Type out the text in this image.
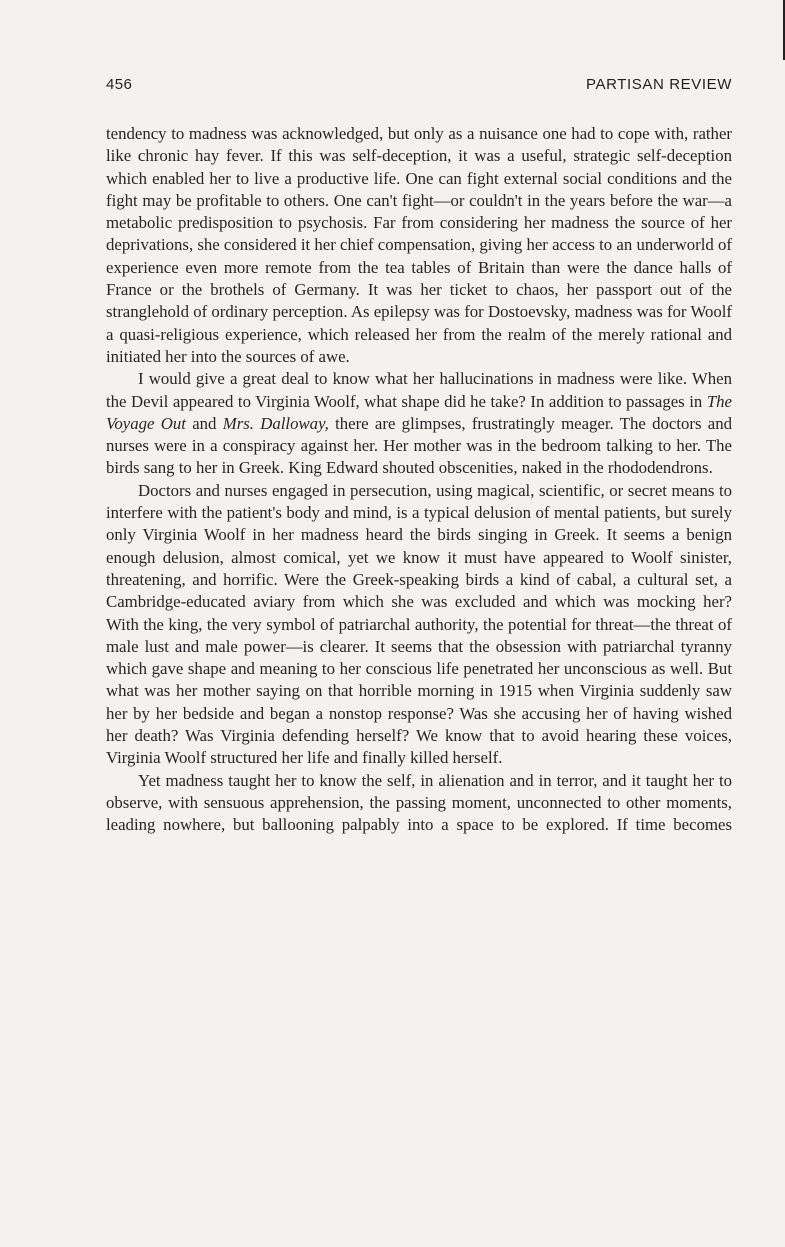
456	PARTISAN REVIEW

tendency to madness was acknowledged, but only as a nuisance one had to cope with, rather like chronic hay fever. If this was self-deception, it was a useful, strategic self-deception which enabled her to live a productive life. One can fight external social conditions and the fight may be profitable to others. One can't fight—or couldn't in the years before the war—a metabolic predisposition to psychosis. Far from considering her madness the source of her deprivations, she considered it her chief compensation, giving her access to an underworld of experience even more remote from the tea tables of Britain than were the dance halls of France or the brothels of Germany. It was her ticket to chaos, her passport out of the stranglehold of ordinary perception. As epilepsy was for Dostoevsky, madness was for Woolf a quasi-religious experience, which released her from the realm of the merely rational and initiated her into the sources of awe.

I would give a great deal to know what her hallucinations in madness were like. When the Devil appeared to Virginia Woolf, what shape did he take? In addition to passages in The Voyage Out and Mrs. Dalloway, there are glimpses, frustratingly meager. The doctors and nurses were in a conspiracy against her. Her mother was in the bedroom talking to her. The birds sang to her in Greek. King Edward shouted obscenities, naked in the rhododendrons.

Doctors and nurses engaged in persecution, using magical, scientific, or secret means to interfere with the patient's body and mind, is a typical delusion of mental patients, but surely only Virginia Woolf in her madness heard the birds singing in Greek. It seems a benign enough delusion, almost comical, yet we know it must have appeared to Woolf sinister, threatening, and horrific. Were the Greek-speaking birds a kind of cabal, a cultural set, a Cambridge-educated aviary from which she was excluded and which was mocking her? With the king, the very symbol of patriarchal authority, the potential for threat—the threat of male lust and male power—is clearer. It seems that the obsession with patriarchal tyranny which gave shape and meaning to her conscious life penetrated her unconscious as well. But what was her mother saying on that horrible morning in 1915 when Virginia suddenly saw her by her bedside and began a nonstop response? Was she accusing her of having wished her death? Was Virginia defending herself? We know that to avoid hearing these voices, Virginia Woolf structured her life and finally killed herself.

Yet madness taught her to know the self, in alienation and in terror, and it taught her to observe, with sensuous apprehension, the passing moment, unconnected to other moments, leading nowhere, but ballooning palpably into a space to be explored. If time becomes
